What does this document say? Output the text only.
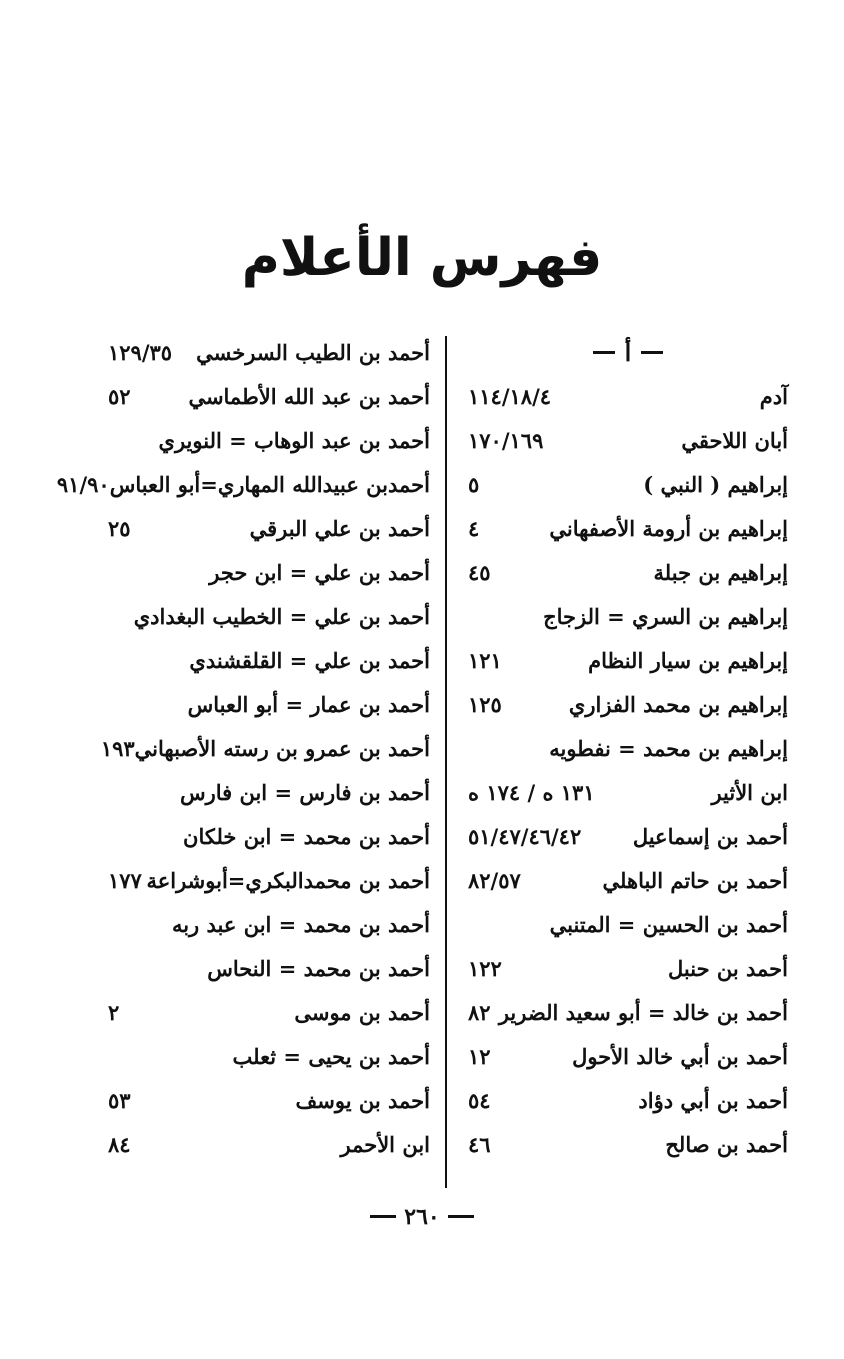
فهرس الأعلام
أ
آدم
١١٤/١٨/٤
أبان اللاحقي
١٧٠/١٦٩
إبراهيم ( النبي )
٥
إبراهيم بن أرومة الأصفهاني
٤
إبراهيم بن جبلة
٤٥
إبراهيم بن السري = الزجاج
إبراهيم بن سيار النظام
١٢١
إبراهيم بن محمد الفزاري
١٢٥
إبراهيم بن محمد = نفطويه
ابن الأثير
١٣١ ه / ١٧٤ ه
أحمد بن إسماعيل
٥١/٤٧/٤٦/٤٢
أحمد بن حاتم الباهلي
٨٢/٥٧
أحمد بن الحسين = المتنبي
أحمد بن حنبل
١٢٢
أحمد بن خالد = أبو سعيد الضرير
٨٢
أحمد بن أبي خالد الأحول
١٢
أحمد بن أبي دؤاد
٥٤
أحمد بن صالح
٤٦
أحمد بن الطيب السرخسي
١٢٩/٣٥
أحمد بن عبد الله الأطماسي
٥٢
أحمد بن عبد الوهاب = النويري
أحمدبن عبيدالله المهاري=أبو العباس
٩١/٩٠
أحمد بن علي البرقي
٢٥
أحمد بن علي = ابن حجر
أحمد بن علي = الخطيب البغدادي
أحمد بن علي = القلقشندي
أحمد بن عمار = أبو العباس
أحمد بن عمرو بن رسته الأصبهاني
١٩٣
أحمد بن فارس = ابن فارس
أحمد بن محمد = ابن خلكان
أحمد بن محمدالبكري=أبوشراعة
١٧٧
أحمد بن محمد = ابن عبد ربه
أحمد بن محمد = النحاس
أحمد بن موسى
٢
أحمد بن يحيى = ثعلب
أحمد بن يوسف
٥٣
ابن الأحمر
٨٤
٢٦٠
